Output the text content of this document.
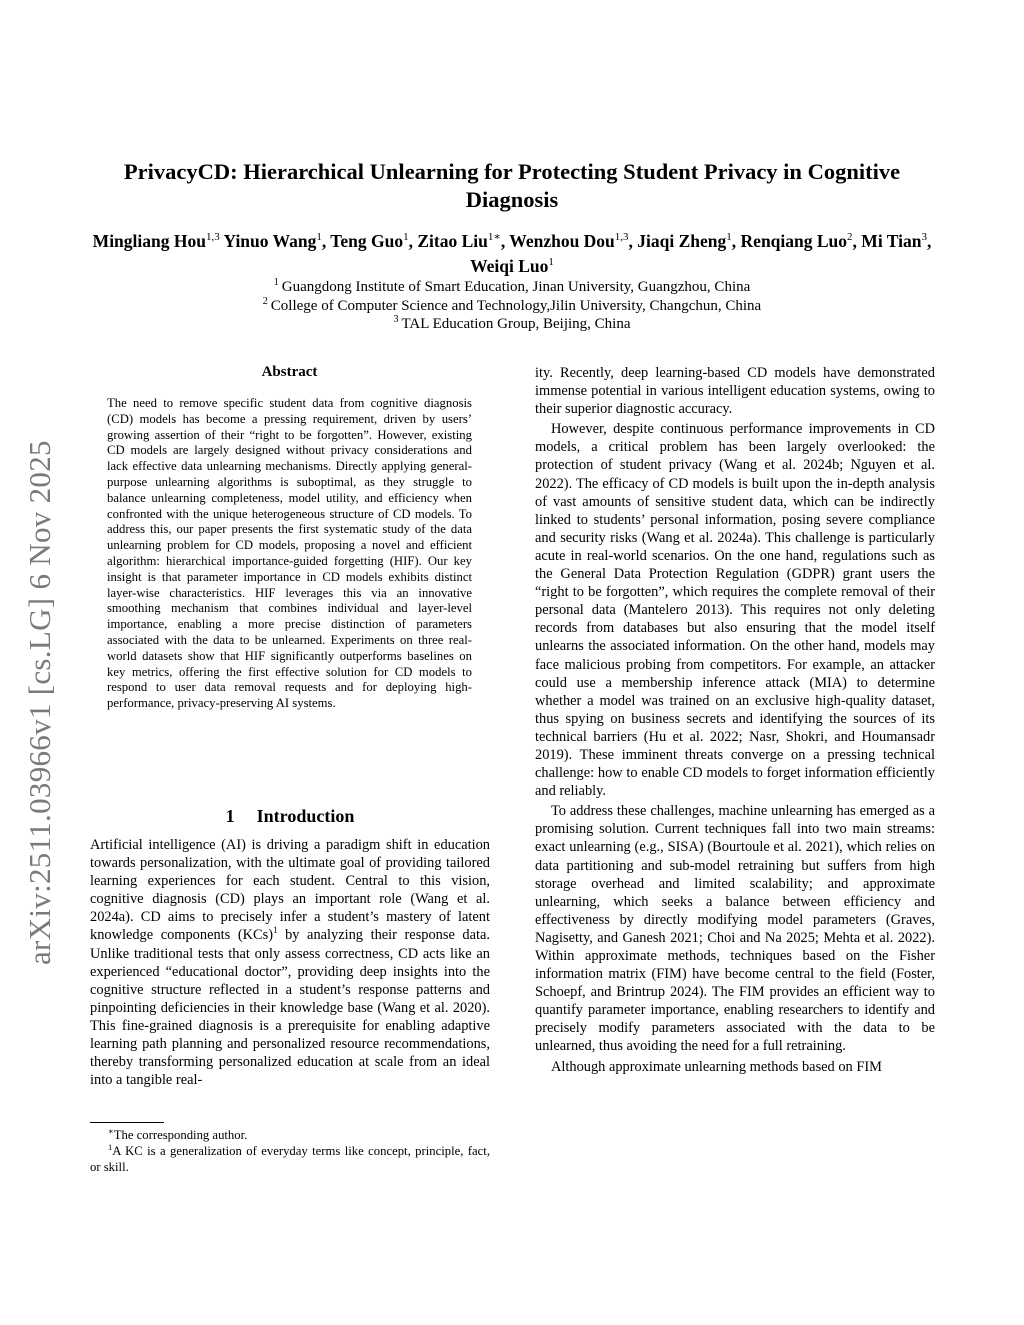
arXiv:2511.03966v1 [cs.LG] 6 Nov 2025
PrivacyCD: Hierarchical Unlearning for Protecting Student Privacy in Cognitive Diagnosis
Mingliang Hou$^{1,3}$ Yinuo Wang$^1$, Teng Guo$^1$, Zitao Liu$^{1∗}$, Wenzhou Dou$^{1,3}$, Jiaqi Zheng$^1$, Renqiang Luo$^2$, Mi Tian$^3$, Weiqi Luo$^1$
$^1$ Guangdong Institute of Smart Education, Jinan University, Guangzhou, China
$^2$ College of Computer Science and Technology,Jilin University, Changchun, China
$^3$ TAL Education Group, Beijing, China
Abstract

The need to remove specific student data from cognitive diagnosis (CD) models has become a pressing requirement, driven by users’ growing assertion of their “right to be forgotten”. However, existing CD models are largely designed without privacy considerations and lack effective data unlearning mechanisms. Directly applying general-purpose unlearning algorithms is suboptimal, as they struggle to balance unlearning completeness, model utility, and efficiency when confronted with the unique heterogeneous structure of CD models. To address this, our paper presents the first systematic study of the data unlearning problem for CD models, proposing a novel and efficient algorithm: hierarchical importance-guided forgetting (HIF). Our key insight is that parameter importance in CD models exhibits distinct layer-wise characteristics. HIF leverages this via an innovative smoothing mechanism that combines individual and layer-level importance, enabling a more precise distinction of parameters associated with the data to be unlearned. Experiments on three real-world datasets show that HIF significantly outperforms baselines on key metrics, offering the first effective solution for CD models to respond to user data removal requests and for deploying high-performance, privacy-preserving AI systems.

1 Introduction

Artificial intelligence (AI) is driving a paradigm shift in education towards personalization, with the ultimate goal of providing tailored learning experiences for each student. Central to this vision, cognitive diagnosis (CD) plays an important role (Wang et al. 2024a). CD aims to precisely infer a student’s mastery of latent knowledge components (KCs)$^1$ by analyzing their response data. Unlike traditional tests that only assess correctness, CD acts like an experienced “educational doctor”, providing deep insights into the cognitive structure reflected in a student’s response patterns and pinpointing deficiencies in their knowledge base (Wang et al. 2020). This fine-grained diagnosis is a prerequisite for enabling adaptive learning path planning and personalized resource recommendations, thereby transforming personalized education at scale from an ideal into a tangible real-

∗The corresponding author.

$^1$A KC is a generalization of everyday terms like concept, principle, fact, or skill.

ity. Recently, deep learning-based CD models have demonstrated immense potential in various intelligent education systems, owing to their superior diagnostic accuracy.

However, despite continuous performance improvements in CD models, a critical problem has been largely overlooked: the protection of student privacy (Wang et al. 2024b; Nguyen et al. 2022). The efficacy of CD models is built upon the in-depth analysis of vast amounts of sensitive student data, which can be indirectly linked to students’ personal information, posing severe compliance and security risks (Wang et al. 2024a). This challenge is particularly acute in real-world scenarios. On the one hand, regulations such as the General Data Protection Regulation (GDPR) grant users the “right to be forgotten”, which requires the complete removal of their personal data (Mantelero 2013). This requires not only deleting records from databases but also ensuring that the model itself unlearns the associated information. On the other hand, models may face malicious probing from competitors. For example, an attacker could use a membership inference attack (MIA) to determine whether a model was trained on an exclusive high-quality dataset, thus spying on business secrets and identifying the sources of its technical barriers (Hu et al. 2022; Nasr, Shokri, and Houmansadr 2019). These imminent threats converge on a pressing technical challenge: how to enable CD models to forget information efficiently and reliably.

To address these challenges, machine unlearning has emerged as a promising solution. Current techniques fall into two main streams: exact unlearning (e.g., SISA) (Bourtoule et al. 2021), which relies on data partitioning and sub-model retraining but suffers from high storage overhead and limited scalability; and approximate unlearning, which seeks a balance between efficiency and effectiveness by directly modifying model parameters (Graves, Nagisetty, and Ganesh 2021; Choi and Na 2025; Mehta et al. 2022). Within approximate methods, techniques based on the Fisher information matrix (FIM) have become central to the field (Foster, Schoepf, and Brintrup 2024). The FIM provides an efficient way to quantify parameter importance, enabling researchers to identify and precisely modify parameters associated with the data to be unlearned, thus avoiding the need for a full retraining.

Although approximate unlearning methods based on FIM
